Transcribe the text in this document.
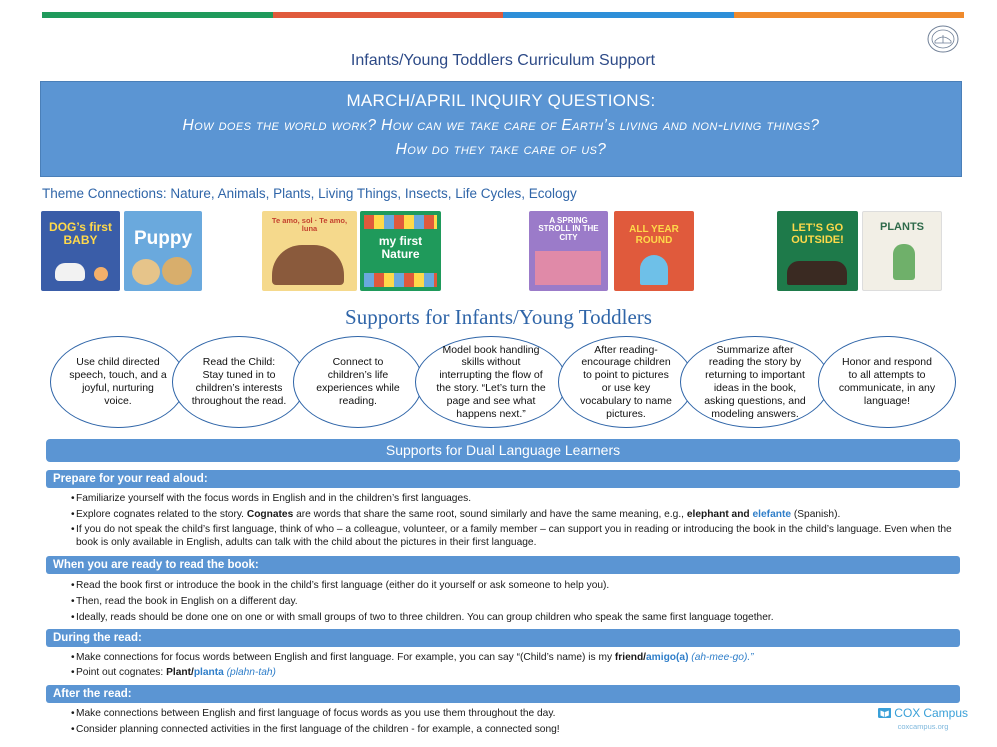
Infants/Young Toddlers Curriculum Support
MARCH/APRIL INQUIRY QUESTIONS:
How does the world work? How can we take care of Earth’s living and non-living things?
How do they take care of us?
Theme Connections: Nature, Animals, Plants, Living Things, Insects, Life Cycles, Ecology
DOG’s first BABY	Puppy
Te amo, sol · Te amo, luna
my first Nature
A SPRING STROLL IN THE CITY
ALL YEAR ROUND
LET’S GO OUTSIDE!
PLANTS
Supports for Infants/Young Toddlers
Use child directed speech, touch, and a joyful, nurturing voice.
Read the Child: Stay tuned in to children’s interests throughout the read.
Connect to children’s life experiences while reading.
Model book handling skills without interrupting the flow of the story. “Let’s turn the page and see what happens next.”
After reading- encourage children to point to pictures or use key vocabulary to name pictures.
Summarize after reading the story by returning to important ideas in the book, asking questions, and modeling answers.
Honor and respond to all attempts to communicate, in any language!
Supports for Dual Language Learners
Prepare for your read aloud:
• Familiarize yourself with the focus words in English and in the children’s first languages.
• Explore cognates related to the story. Cognates are words that share the same root, sound similarly and have the same meaning, e.g., elephant and elefante (Spanish).
• If you do not speak the child’s first language, think of who – a colleague, volunteer, or a family member – can support you in reading or introducing the book in the child’s language. Even when the book is only available in English, adults can talk with the child about the pictures in their first language.
When you are ready to read the book:
• Read the book first or introduce the book in the child’s first language (either do it yourself or ask someone to help you).
• Then, read the book in English on a different day.
• Ideally, reads should be done one on one or with small groups of two to three children. You can group children who speak the same first language together.
During the read:
• Make connections for focus words between English and first language. For example, you can say “(Child’s name) is my friend/amigo(a) (ah-mee-go).”
• Point out cognates: Plant/planta (plahn-tah)
After the read:
• Make connections between English and first language of focus words as you use them throughout the day.
• Consider planning connected activities in the first language of the children - for example, a connected song!
COX Campus
coxcampus.org
